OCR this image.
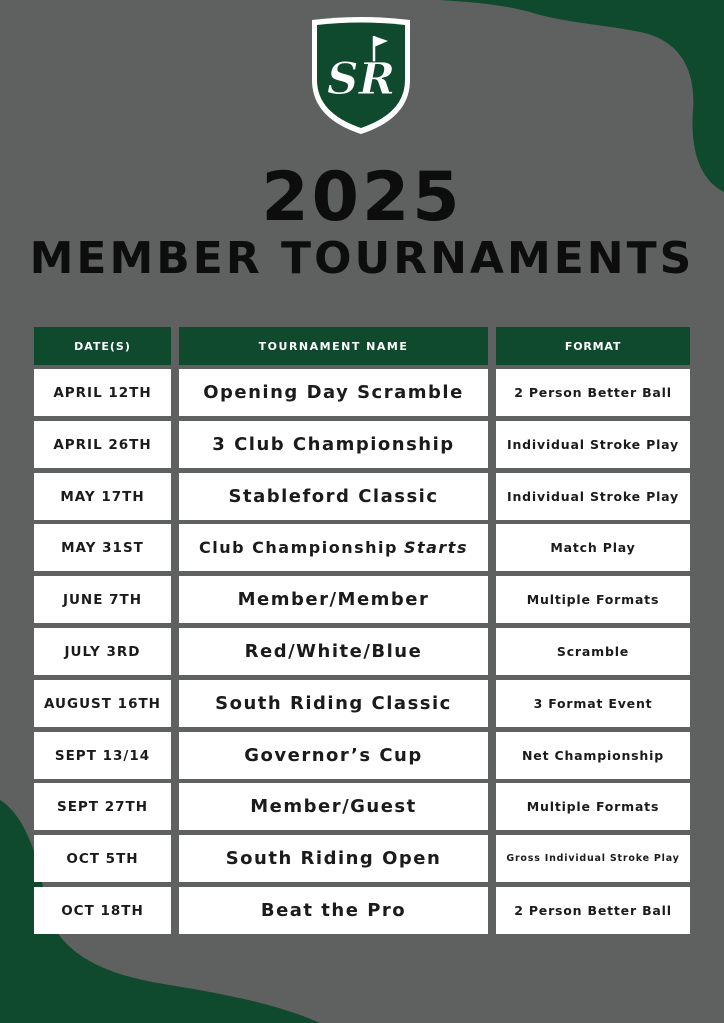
SR
2025
MEMBER TOURNAMENTS
DATE(S)	TOURNAMENT NAME	FORMAT
APRIL 12TH	Opening Day Scramble	2 Person Better Ball
APRIL 26TH	3 Club Championship	Individual Stroke Play
MAY 17TH	Stableford Classic	Individual Stroke Play
MAY 31ST	Club Championship Starts	Match Play
JUNE 7TH	Member/Member	Multiple Formats
JULY 3RD	Red/White/Blue	Scramble
AUGUST 16TH	South Riding Classic	3 Format Event
SEPT 13/14	Governor’s Cup	Net Championship
SEPT 27TH	Member/Guest	Multiple Formats
OCT 5TH	South Riding Open	Gross Individual Stroke Play
OCT 18TH	Beat the Pro	2 Person Better Ball
